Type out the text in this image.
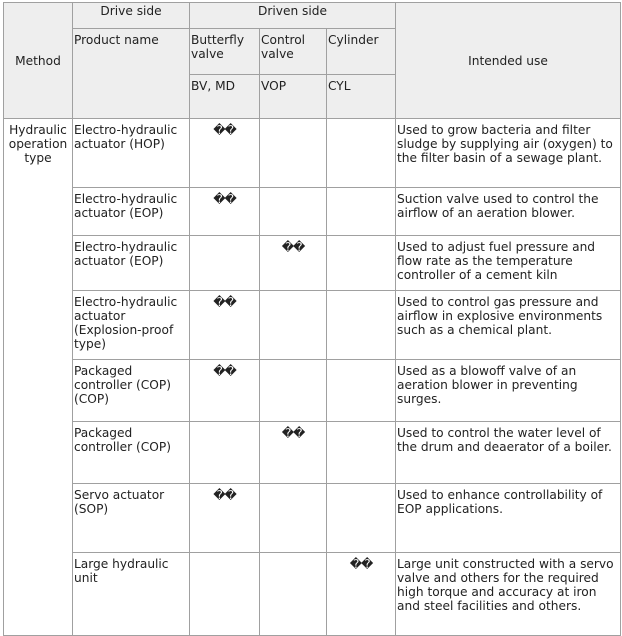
Method	Drive side	Driven side			Intended use
	Product name	Butterfly valve	Control valve	Cylinder	
		BV, MD	VOP	CYL	
Hydraulic operation type	Electro-hydraulic actuator (HOP)	��			Used to grow bacteria and filter sludge by supplying air (oxygen) to the filter basin of a sewage plant.
	Electro-hydraulic actuator (EOP)	��			Suction valve used to control the airflow of an aeration blower.
	Electro-hydraulic actuator (EOP)		��		Used to adjust fuel pressure and flow rate as the temperature controller of a cement kiln
	Electro-hydraulic actuator (Explosion-proof type)	��			Used to control gas pressure and airflow in explosive environments such as a chemical plant.
	Packaged controller (COP) (COP)	��			Used as a blowoff valve of an aeration blower in preventing surges.
	Packaged controller (COP)		��		Used to control the water level of the drum and deaerator of a boiler.
	Servo actuator (SOP)	��			Used to enhance controllability of EOP applications.
	Large hydraulic unit			��	Large unit constructed with a servo valve and others for the required high torque and accuracy at iron and steel facilities and others.
